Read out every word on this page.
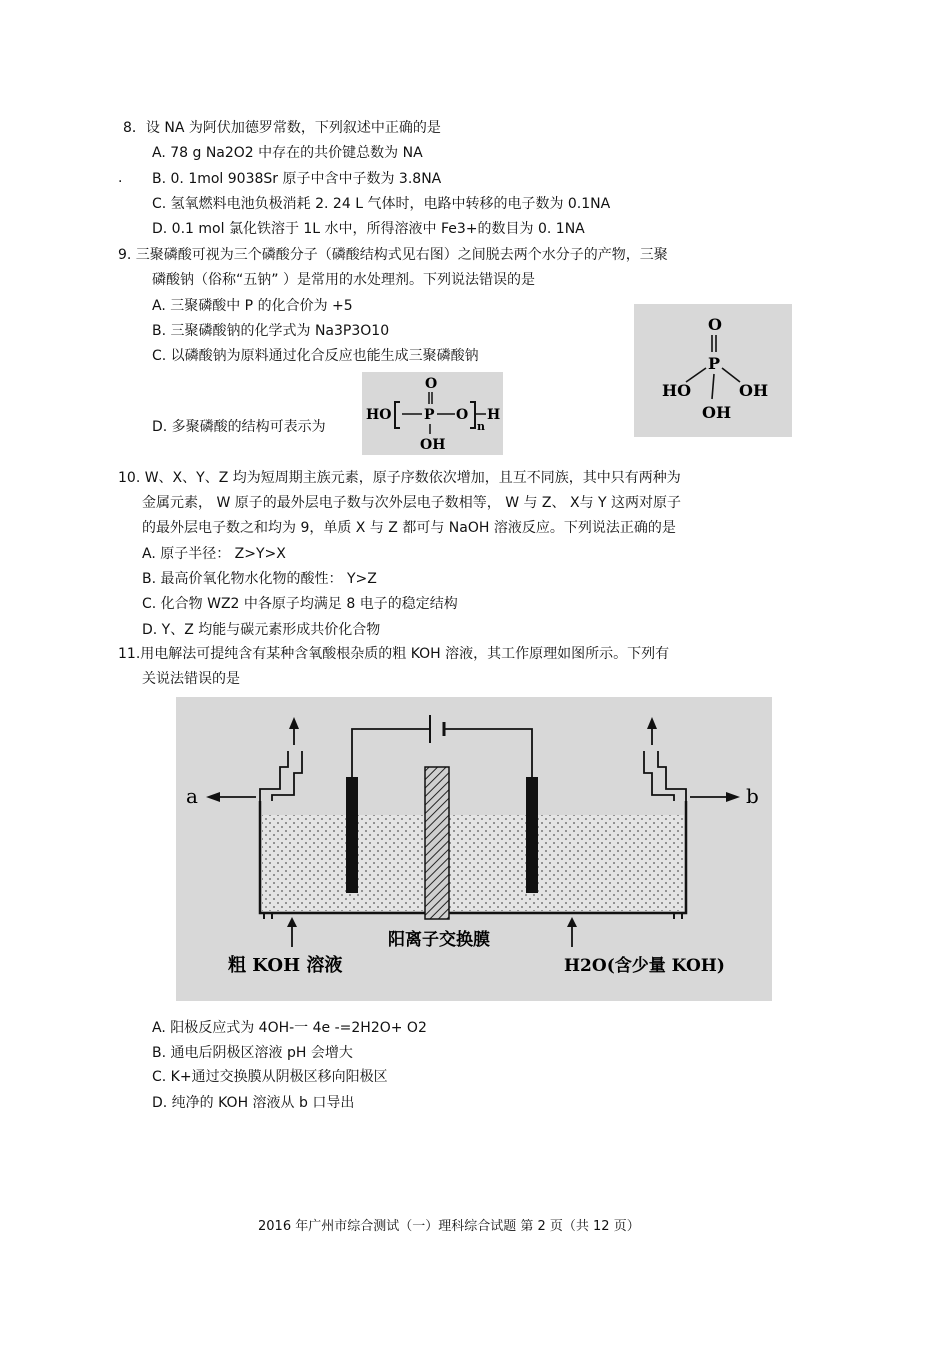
8．设 NA 为阿伏加德罗常数，下列叙述中正确的是
A. 78 g Na2O2 中存在的共价键总数为 NA
. B. 0. 1mol 9038Sr 原子中含中子数为 3.8NA
C. 氢氧燃料电池负极消耗 2. 24 L 气体时，电路中转移的电子数为 0.1NA
D. 0.1 mol 氯化铁溶于 1L 水中，所得溶液中 Fe3+的数目为 0. 1NA
9. 三聚磷酸可视为三个磷酸分子（磷酸结构式见右图）之间脱去两个水分子的产物，三聚
磷酸钠（俗称“五钠” ）是常用的水处理剂。下列说法错误的是
A. 三聚磷酸中 P 的化合价为 +5
B. 三聚磷酸钠的化学式为 Na3P3O10
C. 以磷酸钠为原料通过化合反应也能生成三聚磷酸钠
D. 多聚磷酸的结构可表示为
O
HO P O
n
H
OH
O
P
HO	OH
OH
10. W、X、Y、Z 均为短周期主族元素，原子序数依次增加，且互不同族，其中只有两种为
金属元素， W 原子的最外层电子数与次外层电子数相等， W 与 Z、 X与 Y 这两对原子
的最外层电子数之和均为 9，单质 X 与 Z 都可与 NaOH 溶液反应。下列说法正确的是
A. 原子半径： Z>Y>X
B. 最高价氧化物水化物的酸性： Y>Z
C. 化合物 WZ2 中各原子均满足 8 电子的稳定结构
D. Y、Z 均能与碳元素形成共价化合物
11.用电解法可提纯含有某种含氧酸根杂质的粗 KOH 溶液，其工作原理如图所示。下列有
关说法错误的是
a	b
粗 KOH 溶液
阳离子交换膜
H2O(含少量 KOH)
A. 阳极反应式为 4OH-一 4e -=2H2O+ O2
B. 通电后阴极区溶液 pH 会增大
C. K+通过交换膜从阴极区移向阳极区
D. 纯净的 KOH 溶液从 b 口导出
2016 年广州市综合测试（一）理科综合试题 第 2 页（共 12 页）
